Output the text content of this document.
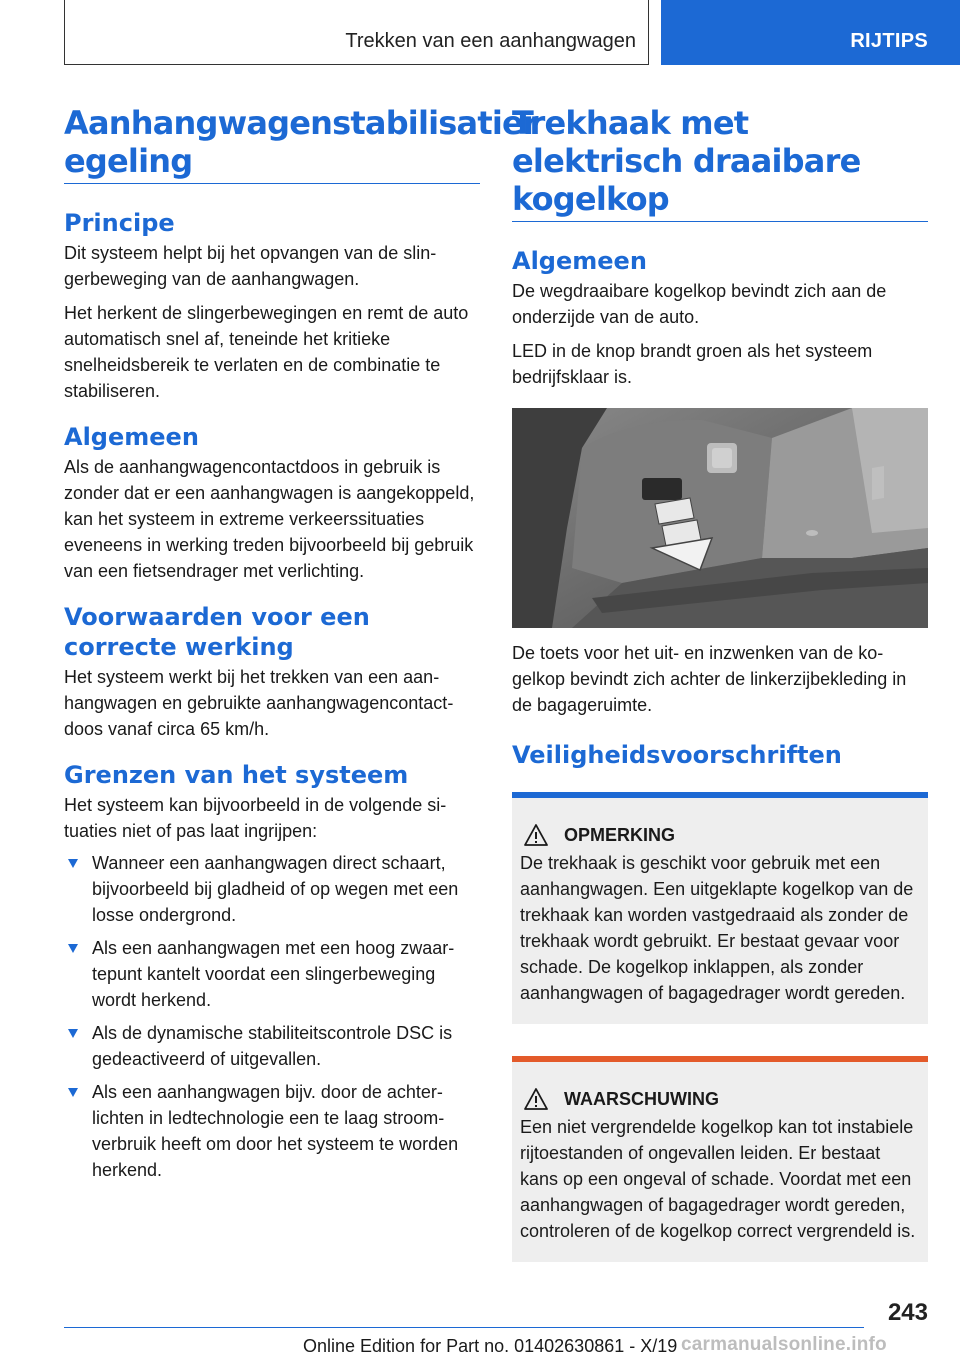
Trekken van een aanhangwagen	RIJTIPS
Aanhangwagenstabilisatier
egeling
Principe

Dit systeem helpt bij het opvangen van de slingerbeweging van de aanhangwagen.

Het herkent de slingerbewegingen en remt de auto automatisch snel af, teneinde het kritieke snelheidsbereik te verlaten en de combinatie te stabiliseren.

Algemeen

Als de aanhangwagencontactdoos in gebruik is zonder dat er een aanhangwagen is aangekoppeld, kan het systeem in extreme verkeerssituaties eveneens in werking treden bijvoorbeeld bij gebruik van een fietsendrager met verlichting.

Voorwaarden voor een correcte werking

Het systeem werkt bij het trekken van een aanhangwagen en gebruikte aanhangwagencontactdoos vanaf circa 65 km/h.

Grenzen van het systeem

Het systeem kan bijvoorbeeld in de volgende situaties niet of pas laat ingrijpen:

Wanneer een aanhangwagen direct schaart, bijvoorbeeld bij gladheid of op wegen met een losse ondergrond.
Als een aanhangwagen met een hoog zwaartepunt kantelt voordat een slingerbeweging wordt herkend.
Als de dynamische stabiliteitscontrole DSC is gedeactiveerd of uitgevallen.
Als een aanhangwagen bijv. door de achterlichten in ledtechnologie een te laag stroomverbruik heeft om door het systeem te worden herkend.
Trekhaak met elektrisch draaibare kogelkop
Algemeen

De wegdraaibare kogelkop bevindt zich aan de onderzijde van de auto.

LED in de knop brandt groen als het systeem bedrijfsklaar is.

De toets voor het uit- en inzwenken van de kogelkop bevindt zich achter de linkerzijbekleding in de bagageruimte.

Veiligheidsvoorschriften
OPMERKING

De trekhaak is geschikt voor gebruik met een aanhangwagen. Een uitgeklapte kogelkop van de trekhaak kan worden vastgedraaid als zonder de trekhaak wordt gebruikt. Er bestaat gevaar voor schade. De kogelkop inklappen, als zonder aanhangwagen of bagagedrager wordt gereden.

WAARSCHUWING

Een niet vergrendelde kogelkop kan tot instabiele rijtoestanden of ongevallen leiden. Er bestaat kans op een ongeval of schade. Voordat met een aanhangwagen of bagagedrager wordt gereden, controleren of de kogelkop correct vergrendeld is.

243
Online Edition for Part no. 01402630861 - X/19 carmanualsonline.info
